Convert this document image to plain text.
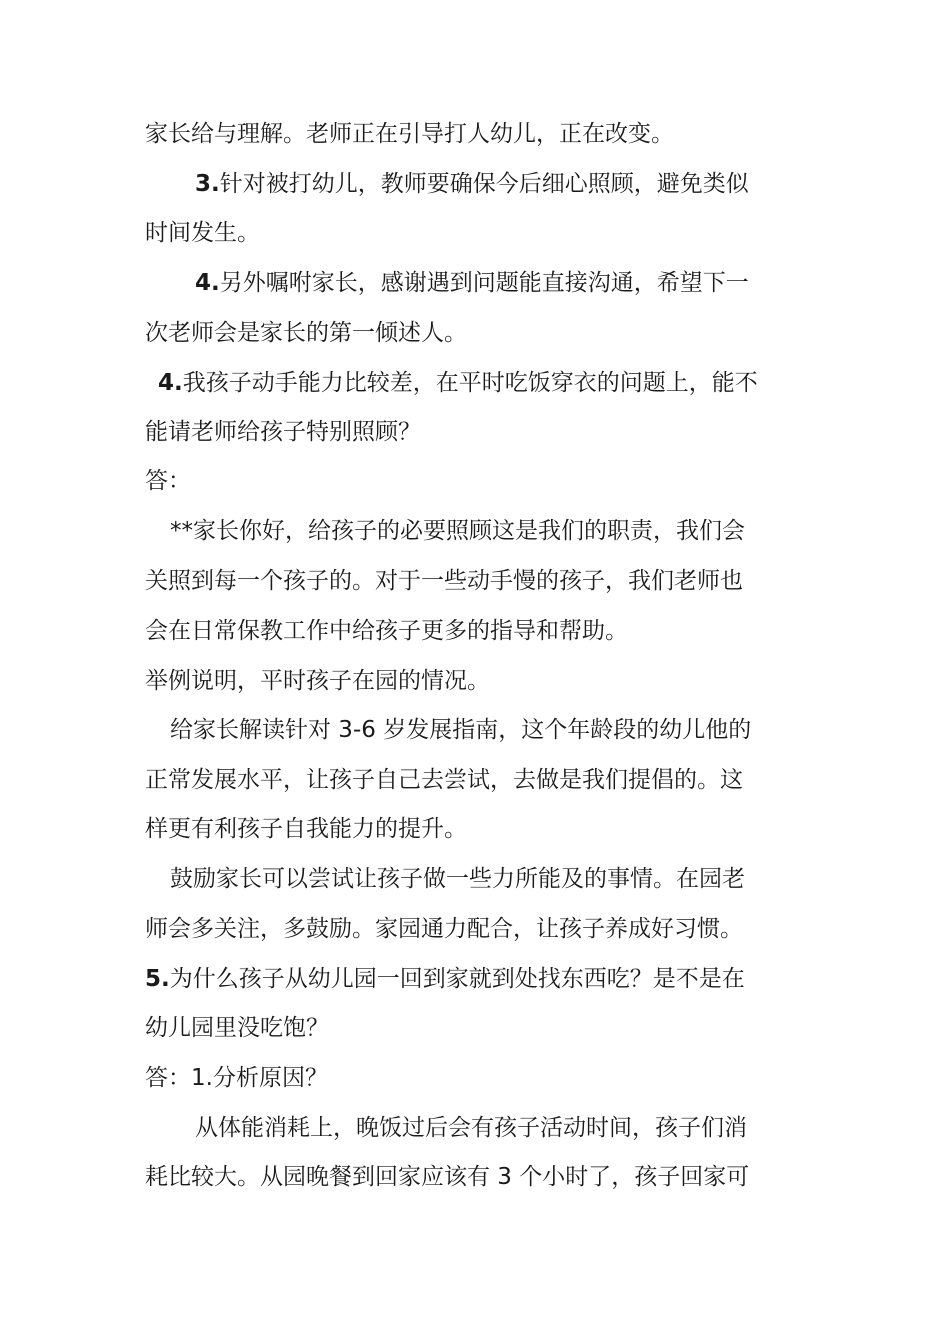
家长给与理解。老师正在引导打人幼儿，正在改变。
3.针对被打幼儿，教师要确保今后细心照顾，避免类似
时间发生。
4.另外嘱咐家长，感谢遇到问题能直接沟通，希望下一
次老师会是家长的第一倾述人。
4.我孩子动手能力比较差，在平时吃饭穿衣的问题上，能不
能请老师给孩子特别照顾？
答：
**家长你好，给孩子的必要照顾这是我们的职责，我们会
关照到每一个孩子的。对于一些动手慢的孩子，我们老师也
会在日常保教工作中给孩子更多的指导和帮助。
举例说明，平时孩子在园的情况。
给家长解读针对 3-6 岁发展指南，这个年龄段的幼儿他的
正常发展水平，让孩子自己去尝试，去做是我们提倡的。这
样更有利孩子自我能力的提升。
鼓励家长可以尝试让孩子做一些力所能及的事情。在园老
师会多关注，多鼓励。家园通力配合，让孩子养成好习惯。
5.为什么孩子从幼儿园一回到家就到处找东西吃？是不是在
幼儿园里没吃饱？
答：1.分析原因？
从体能消耗上，晚饭过后会有孩子活动时间，孩子们消
耗比较大。从园晚餐到回家应该有 3 个小时了，孩子回家可
